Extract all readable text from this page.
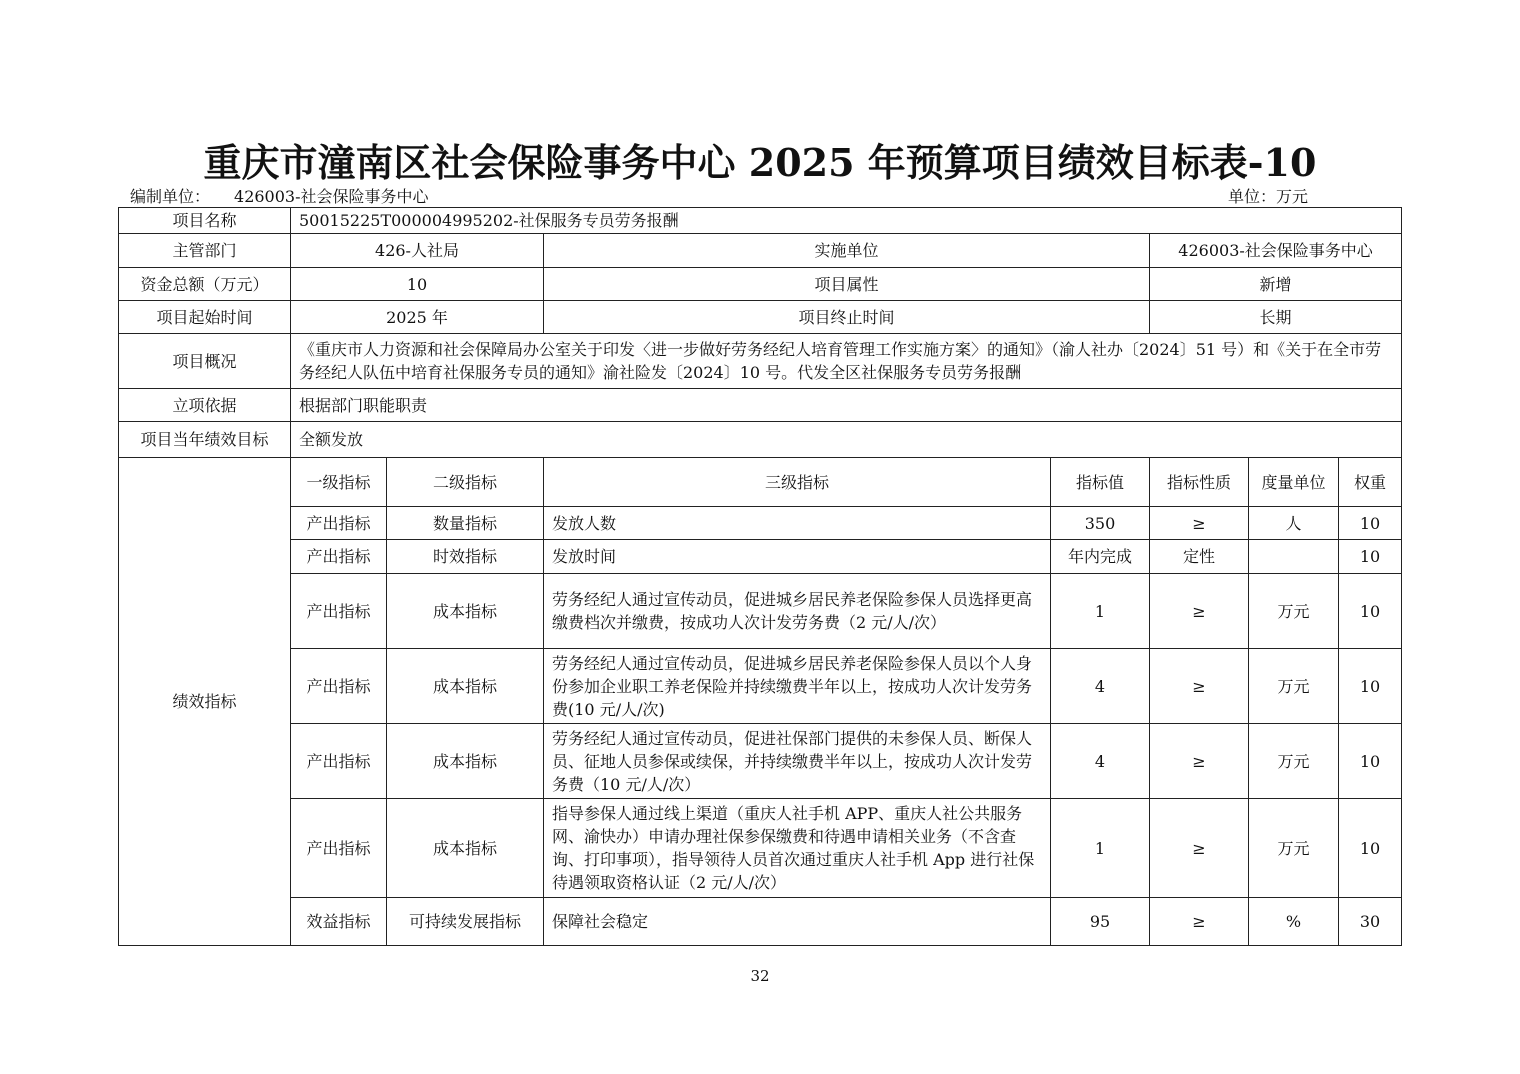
重庆市潼南区社会保险事务中心 2025 年预算项目绩效目标表-10
编制单位： 426003-社会保险事务中心	单位：万元
项目名称	50015225T000004995202-社保服务专员劳务报酬						
主管部门	426-人社局		实施单位		426003-社会保险事务中心		
资金总额（万元）	10		项目属性		新增		
项目起始时间	2025 年		项目终止时间		长期		
项目概况	《重庆市人力资源和社会保障局办公室关于印发〈进一步做好劳务经纪人培育管理工作实施方案〉的通知》（渝人社办〔2024〕51 号）和《关于在全市劳务经纪人队伍中培育社保服务专员的通知》渝社险发〔2024〕10 号。代发全区社保服务专员劳务报酬						
立项依据	根据部门职能职责						
项目当年绩效目标	全额发放						
绩效指标	一级指标	二级指标	三级指标	指标值	指标性质	度量单位	权重
	产出指标	数量指标	发放人数	350	≥	人	10
	产出指标	时效指标	发放时间	年内完成	定性		10
	产出指标	成本指标	劳务经纪人通过宣传动员，促进城乡居民养老保险参保人员选择更高缴费档次并缴费，按成功人次计发劳务费（2 元/人/次）	1	≥	万元	10
	产出指标	成本指标	劳务经纪人通过宣传动员，促进城乡居民养老保险参保人员以个人身份参加企业职工养老保险并持续缴费半年以上，按成功人次计发劳务费(10 元/人/次)	4	≥	万元	10
	产出指标	成本指标	劳务经纪人通过宣传动员，促进社保部门提供的未参保人员、断保人员、征地人员参保或续保，并持续缴费半年以上，按成功人次计发劳务费（10 元/人/次）	4	≥	万元	10
	产出指标	成本指标	指导参保人通过线上渠道（重庆人社手机 APP、重庆人社公共服务网、渝快办）申请办理社保参保缴费和待遇申请相关业务（不含查询、打印事项），指导领待人员首次通过重庆人社手机 App 进行社保待遇领取资格认证（2 元/人/次）	1	≥	万元	10
	效益指标	可持续发展指标	保障社会稳定	95	≥	%	30
32
